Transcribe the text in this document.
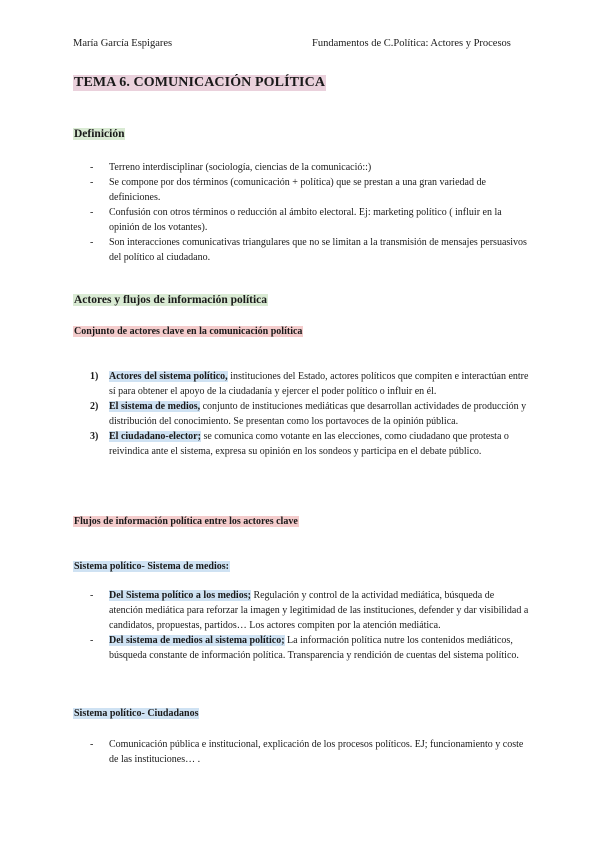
María García Espigares	Fundamentos de C.Política: Actores y Procesos
TEMA 6. COMUNICACIÓN POLÍTICA
Definición
- Terreno interdisciplinar (sociología, ciencias de la comunicació::)
- Se compone por dos términos (comunicación + política) que se prestan a una gran variedad de definiciones.
- Confusión con otros términos o reducción al ámbito electoral. Ej: marketing político ( influir en la opinión de los votantes).
- Son interacciones comunicativas triangulares que no se limitan a la transmisión de mensajes persuasivos del político al ciudadano.
Actores y flujos de información política
Conjunto de actores clave en la comunicación política
1) Actores del sistema político, instituciones del Estado, actores políticos que compiten e interactúan entre sí para obtener el apoyo de la ciudadanía y ejercer el poder político o influir en él.
2) El sistema de medios, conjunto de instituciones mediáticas que desarrollan actividades de producción y distribución del conocimiento. Se presentan como los portavoces de la opinión pública.
3) El ciudadano-elector; se comunica como votante en las elecciones, como ciudadano que protesta o reivindica ante el sistema, expresa su opinión en los sondeos y participa en el debate público.
Flujos de información política entre los actores clave
Sistema político- Sistema de medios:
- Del Sistema político a los medios; Regulación y control de la actividad mediática, búsqueda de atención mediática para reforzar la imagen y legitimidad de las instituciones, defender y dar visibilidad a candidatos, propuestas, partidos… Los actores compiten por la atención mediática.
- Del sistema de medios al sistema político; La información política nutre los contenidos mediáticos, búsqueda constante de información política. Transparencia y rendición de cuentas del sistema político.
Sistema político- Ciudadanos
- Comunicación pública e institucional, explicación de los procesos políticos. EJ; funcionamiento y coste de las instituciones… .
